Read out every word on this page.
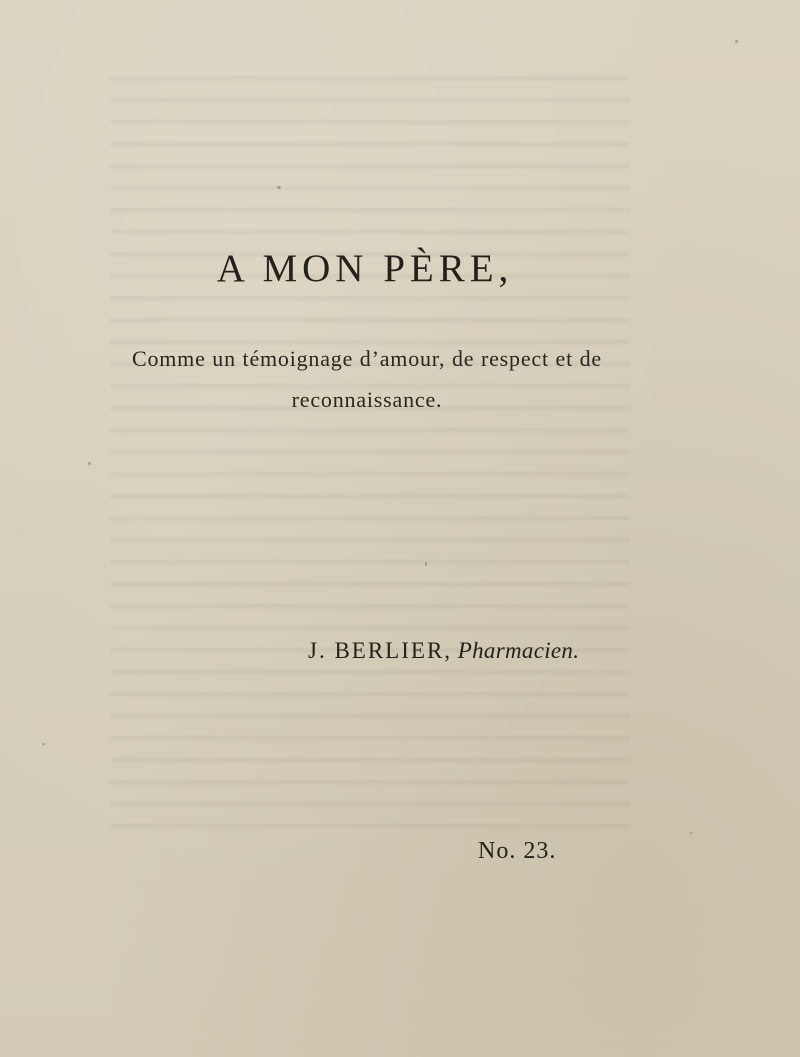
A MON PÈRE,
Comme un témoignage d’amour, de respect et de reconnaissance.
J. BERLIER, Pharmacien.
No. 23.
